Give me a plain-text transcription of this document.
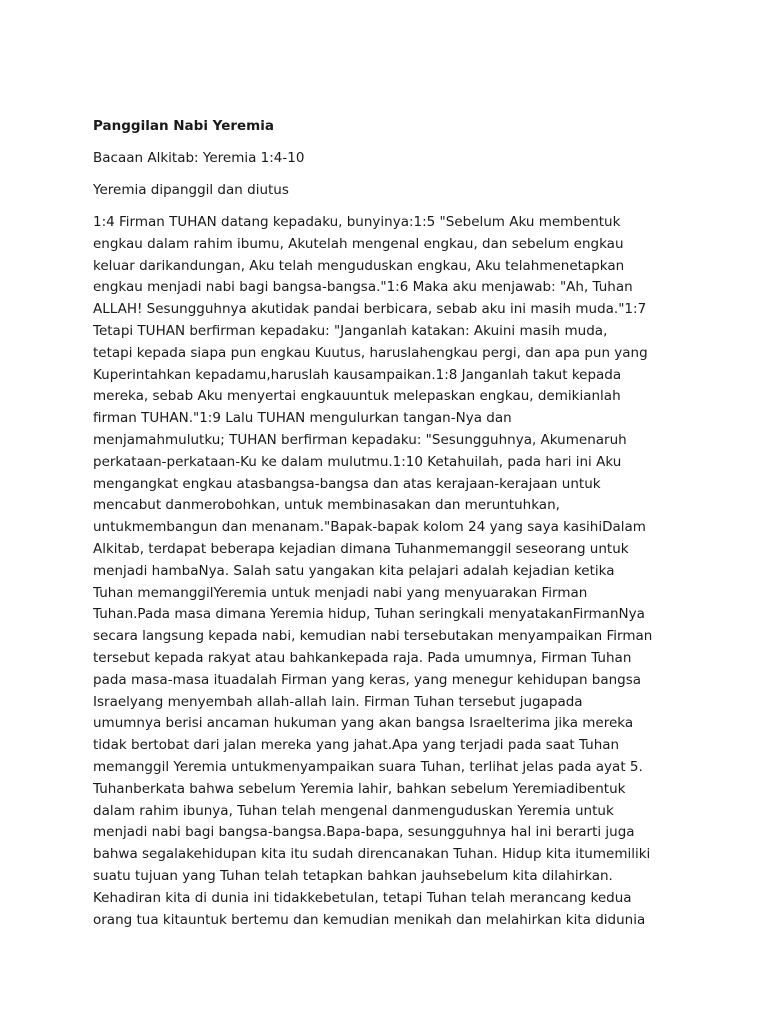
Panggilan Nabi Yeremia

Bacaan Alkitab: Yeremia 1:4-10

Yeremia dipanggil dan diutus

1:4 Firman TUHAN datang kepadaku, bunyinya:1:5 "Sebelum Aku membentuk
engkau dalam rahim ibumu, Akutelah mengenal engkau, dan sebelum engkau
keluar darikandungan, Aku telah menguduskan engkau, Aku telahmenetapkan
engkau menjadi nabi bagi bangsa-bangsa."1:6 Maka aku menjawab: "Ah, Tuhan
ALLAH! Sesungguhnya akutidak pandai berbicara, sebab aku ini masih muda."1:7
Tetapi TUHAN berfirman kepadaku: "Janganlah katakan: Akuini masih muda,
tetapi kepada siapa pun engkau Kuutus, haruslahengkau pergi, dan apa pun yang
Kuperintahkan kepadamu,haruslah kausampaikan.1:8 Janganlah takut kepada
mereka, sebab Aku menyertai engkauuntuk melepaskan engkau, demikianlah
firman TUHAN."1:9 Lalu TUHAN mengulurkan tangan-Nya dan
menjamahmulutku; TUHAN berfirman kepadaku: "Sesungguhnya, Akumenaruh
perkataan-perkataan-Ku ke dalam mulutmu.1:10 Ketahuilah, pada hari ini Aku
mengangkat engkau atasbangsa-bangsa dan atas kerajaan-kerajaan untuk
mencabut danmerobohkan, untuk membinasakan dan meruntuhkan,
untukmembangun dan menanam."Bapak-bapak kolom 24 yang saya kasihiDalam
Alkitab, terdapat beberapa kejadian dimana Tuhanmemanggil seseorang untuk
menjadi hambaNya. Salah satu yangakan kita pelajari adalah kejadian ketika
Tuhan memanggilYeremia untuk menjadi nabi yang menyuarakan Firman
Tuhan.Pada masa dimana Yeremia hidup, Tuhan seringkali menyatakanFirmanNya
secara langsung kepada nabi, kemudian nabi tersebutakan menyampaikan Firman
tersebut kepada rakyat atau bahkankepada raja. Pada umumnya, Firman Tuhan
pada masa-masa ituadalah Firman yang keras, yang menegur kehidupan bangsa
Israelyang menyembah allah-allah lain. Firman Tuhan tersebut jugapada
umumnya berisi ancaman hukuman yang akan bangsa Israelterima jika mereka
tidak bertobat dari jalan mereka yang jahat.Apa yang terjadi pada saat Tuhan
memanggil Yeremia untukmenyampaikan suara Tuhan, terlihat jelas pada ayat 5.
Tuhanberkata bahwa sebelum Yeremia lahir, bahkan sebelum Yeremiadibentuk
dalam rahim ibunya, Tuhan telah mengenal danmenguduskan Yeremia untuk
menjadi nabi bagi bangsa-bangsa.Bapa-bapa, sesungguhnya hal ini berarti juga
bahwa segalakehidupan kita itu sudah direncanakan Tuhan. Hidup kita itumemiliki
suatu tujuan yang Tuhan telah tetapkan bahkan jauhsebelum kita dilahirkan.
Kehadiran kita di dunia ini tidakkebetulan, tetapi Tuhan telah merancang kedua
orang tua kitauntuk bertemu dan kemudian menikah dan melahirkan kita didunia
